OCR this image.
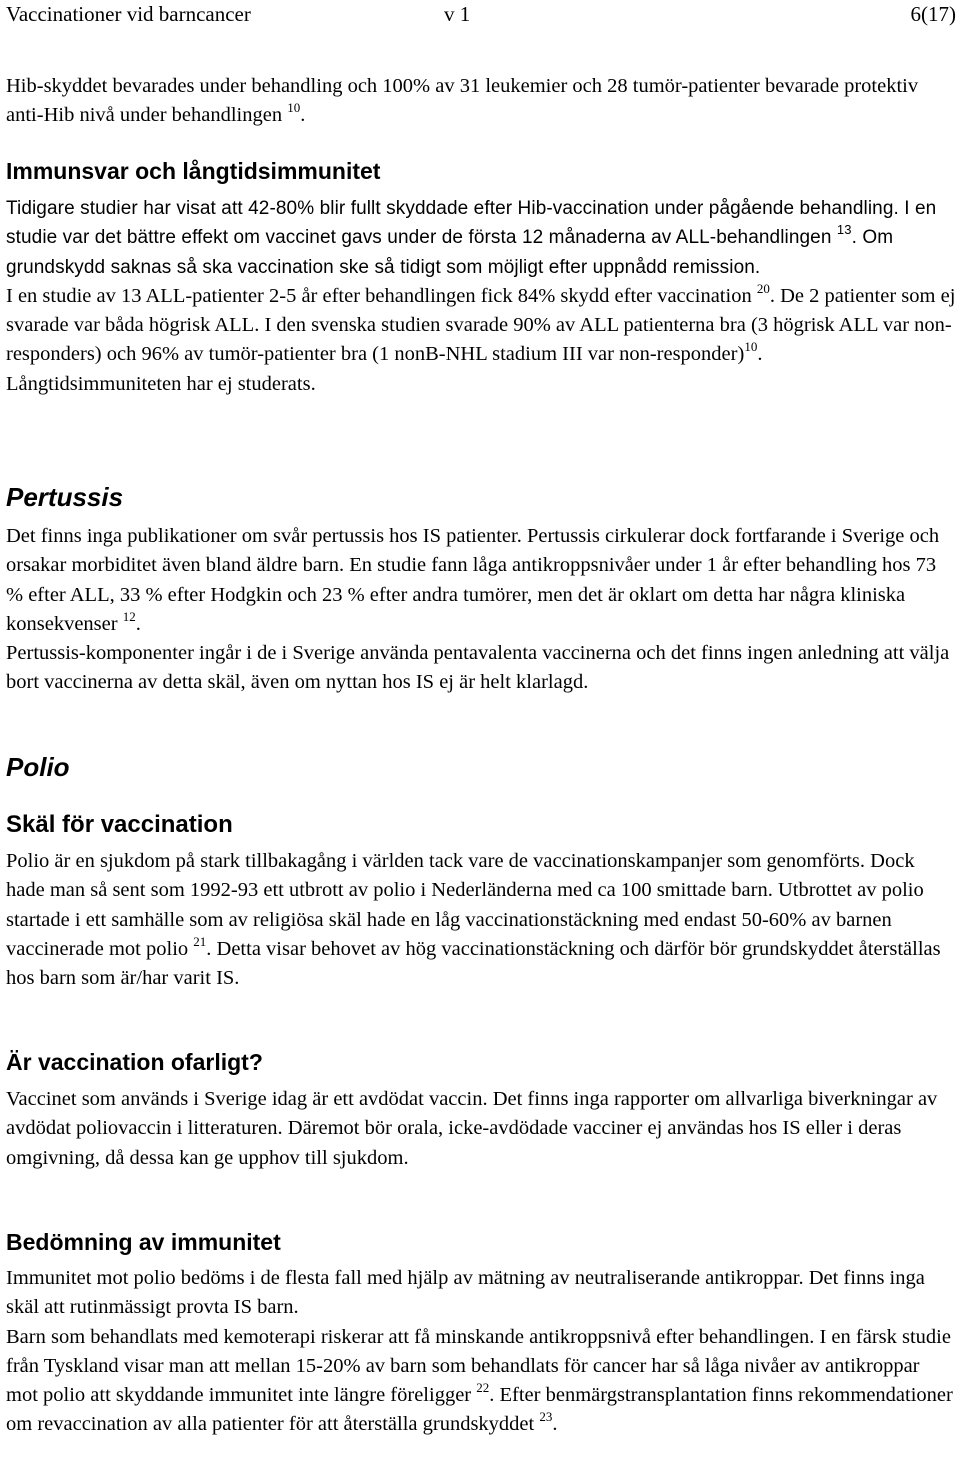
Vaccinationer vid barncancer	v 1	6(17)

Hib-skyddet bevarades under behandling och 100% av 31 leukemier och 28 tumör-patienter bevarade protektiv anti-Hib nivå under behandlingen $^{10}$.

Immunsvar och långtidsimmunitet

Tidigare studier har visat att 42-80% blir fullt skyddade efter Hib-vaccination under pågående behandling. I en studie var det bättre effekt om vaccinet gavs under de första 12 månaderna av ALL-behandlingen $^{13}$. Om grundskydd saknas så ska vaccination ske så tidigt som möjligt efter uppnådd remission.

I en studie av 13 ALL-patienter 2-5 år efter behandlingen fick 84% skydd efter vaccination $^{20}$. De 2 patienter som ej svarade var båda högrisk ALL. I den svenska studien svarade 90% av ALL patienterna bra (3 högrisk ALL var non-responders) och 96% av tumör-patienter bra (1 nonB-NHL stadium III var non-responder)$^{10}$.

Långtidsimmuniteten har ej studerats.

Pertussis

Det finns inga publikationer om svår pertussis hos IS patienter. Pertussis cirkulerar dock fortfarande i Sverige och orsakar morbiditet även bland äldre barn. En studie fann låga antikroppsnivåer under 1 år efter behandling hos 73 % efter ALL, 33 % efter Hodgkin och 23 % efter andra tumörer, men det är oklart om detta har några kliniska konsekvenser $^{12}$.

Pertussis-komponenter ingår i de i Sverige använda pentavalenta vaccinerna och det finns ingen anledning att välja bort vaccinerna av detta skäl, även om nyttan hos IS ej är helt klarlagd.

Polio
Skäl för vaccination

Polio är en sjukdom på stark tillbakagång i världen tack vare de vaccinationskampanjer som genomförts. Dock hade man så sent som 1992-93 ett utbrott av polio i Nederländerna med ca 100 smittade barn. Utbrottet av polio startade i ett samhälle som av religiösa skäl hade en låg vaccinationstäckning med endast 50-60% av barnen vaccinerade mot polio $^{21}$. Detta visar behovet av hög vaccinationstäckning och därför bör grundskyddet återställas hos barn som är/har varit IS.

Är vaccination ofarligt?

Vaccinet som används i Sverige idag är ett avdödat vaccin. Det finns inga rapporter om allvarliga biverkningar av avdödat poliovaccin i litteraturen. Däremot bör orala, icke-avdödade vacciner ej användas hos IS eller i deras omgivning, då dessa kan ge upphov till sjukdom.

Bedömning av immunitet

Immunitet mot polio bedöms i de flesta fall med hjälp av mätning av neutraliserande antikroppar. Det finns inga skäl att rutinmässigt provta IS barn.

Barn som behandlats med kemoterapi riskerar att få minskande antikroppsnivå efter behandlingen. I en färsk studie från Tyskland visar man att mellan 15-20% av barn som behandlats för cancer har så låga nivåer av antikroppar mot polio att skyddande immunitet inte längre föreligger $^{22}$. Efter benmärgstransplantation finns rekommendationer om revaccination av alla patienter för att återställa grundskyddet $^{23}$.
